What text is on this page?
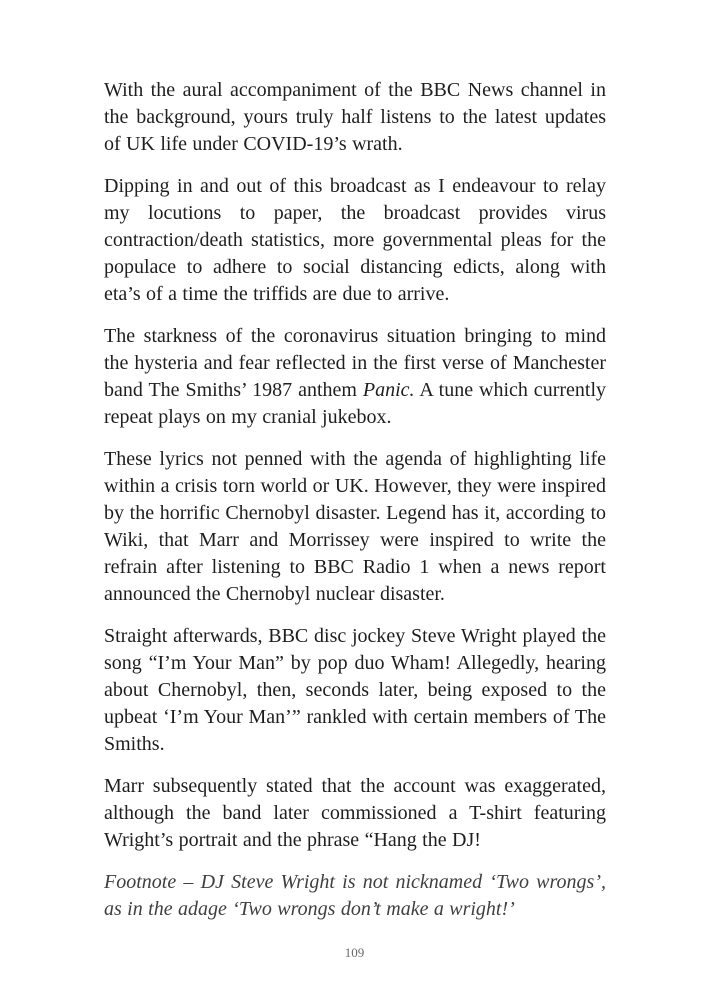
With the aural accompaniment of the BBC News channel in the background, yours truly half listens to the latest updates of UK life under COVID-19’s wrath.

Dipping in and out of this broadcast as I endeavour to relay my locutions to paper, the broadcast provides virus contraction/death statistics, more governmental pleas for the populace to adhere to social distancing edicts, along with eta’s of a time the triffids are due to arrive.

The starkness of the coronavirus situation bringing to mind the hysteria and fear reflected in the first verse of Manchester band The Smiths’ 1987 anthem Panic. A tune which currently repeat plays on my cranial jukebox.

These lyrics not penned with the agenda of highlighting life within a crisis torn world or UK. However, they were inspired by the horrific Chernobyl disaster. Legend has it, according to Wiki, that Marr and Morrissey were inspired to write the refrain after listening to BBC Radio 1 when a news report announced the Chernobyl nuclear disaster.

Straight afterwards, BBC disc jockey Steve Wright played the song “I’m Your Man” by pop duo Wham! Allegedly, hearing about Chernobyl, then, seconds later, being exposed to the upbeat ‘I’m Your Man’” rankled with certain members of The Smiths.

Marr subsequently stated that the account was exaggerated, although the band later commissioned a T-shirt featuring Wright’s portrait and the phrase “Hang the DJ!

Footnote – DJ Steve Wright is not nicknamed ‘Two wrongs’, as in the adage ‘Two wrongs don’t make a wright!’

109
